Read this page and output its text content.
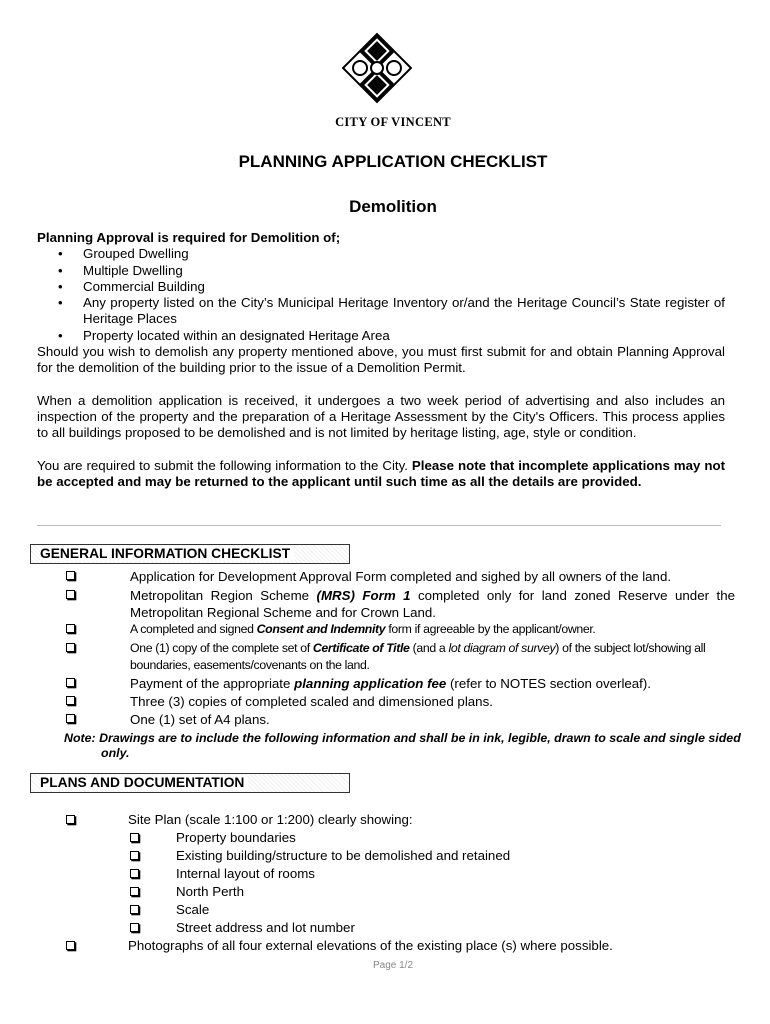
CITY OF VINCENT
PLANNING APPLICATION CHECKLIST
Demolition
Planning Approval is required for Demolition of;
• Grouped Dwelling
• Multiple Dwelling
• Commercial Building
• Any property listed on the City’s Municipal Heritage Inventory or/and the Heritage Council’s State register of Heritage Places
• Property located within an designated Heritage Area
Should you wish to demolish any property mentioned above, you must first submit for and obtain Planning Approval for the demolition of the building prior to the issue of a Demolition Permit.
When a demolition application is received, it undergoes a two week period of advertising and also includes an inspection of the property and the preparation of a Heritage Assessment by the City's Officers. This process applies to all buildings proposed to be demolished and is not limited by heritage listing, age, style or condition.
You are required to submit the following information to the City. Please note that incomplete applications may not be accepted and may be returned to the applicant until such time as all the details are provided.
GENERAL INFORMATION CHECKLIST
Application for Development Approval Form completed and sighed by all owners of the land.
Metropolitan Region Scheme (MRS) Form 1 completed only for land zoned Reserve under the Metropolitan Regional Scheme and for Crown Land.
A completed and signed Consent and Indemnity form if agreeable by the applicant/owner.
One (1) copy of the complete set of Certificate of Title (and a lot diagram of survey) of the subject lot/showing all boundaries, easements/covenants on the land.
Payment of the appropriate planning application fee (refer to NOTES section overleaf).
Three (3) copies of completed scaled and dimensioned plans.
One (1) set of A4 plans.
Note: Drawings are to include the following information and shall be in ink, legible, drawn to scale and single sided only.
PLANS AND DOCUMENTATION
Site Plan (scale 1:100 or 1:200) clearly showing:
Property boundaries
Existing building/structure to be demolished and retained
Internal layout of rooms
North Perth
Scale
Street address and lot number
Photographs of all four external elevations of the existing place (s) where possible.
Page 1/2
